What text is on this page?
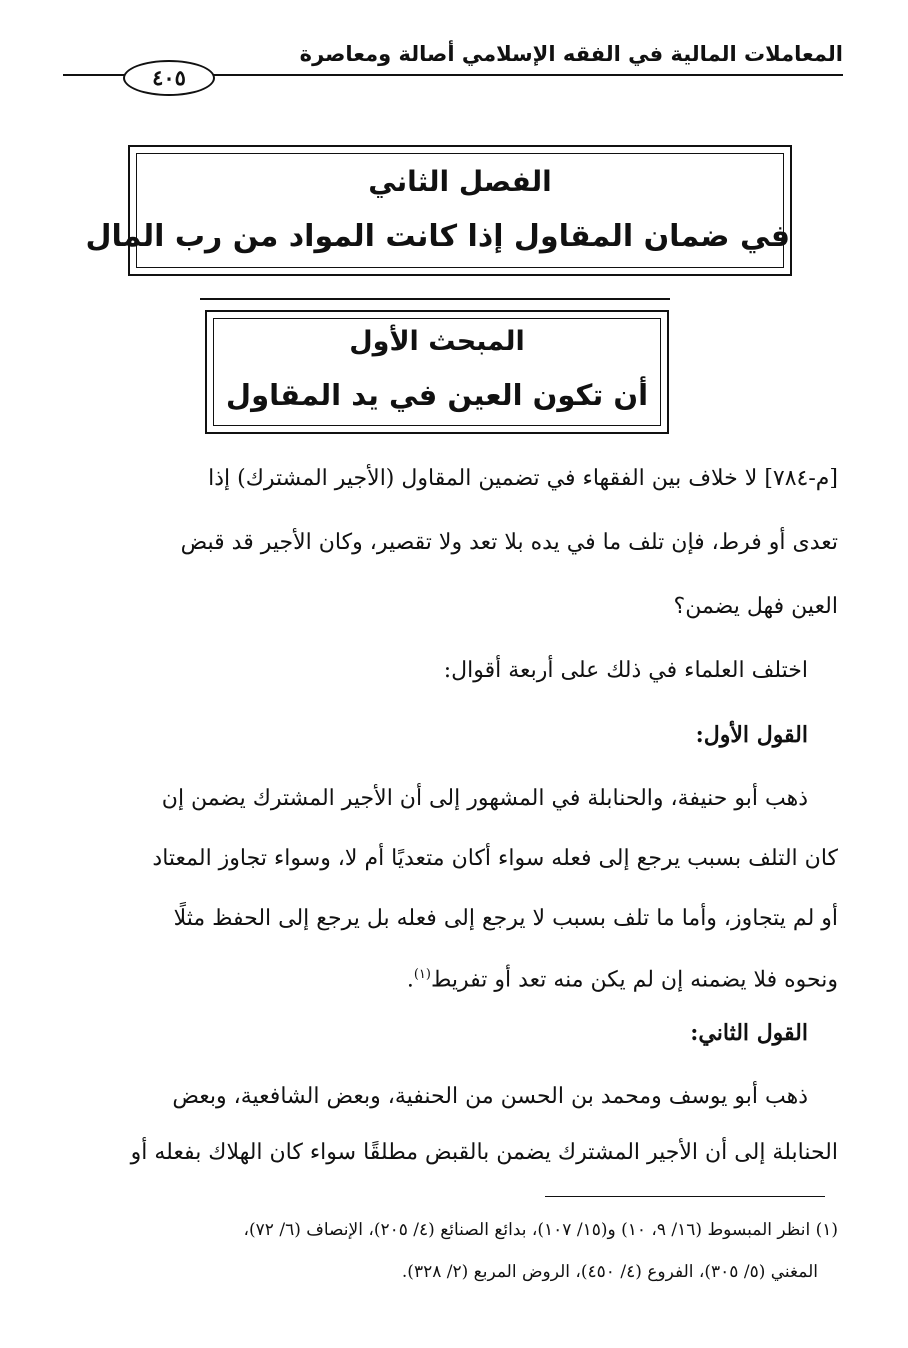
المعاملات المالية في الفقه الإسلامي أصالة ومعاصرة
٤٠٥
الفصل الثاني
في ضمان المقاول إذا كانت المواد من رب المال
المبحث الأول
أن تكون العين في يد المقاول
[م-٧٨٤] لا خلاف بين الفقهاء في تضمين المقاول (الأجير المشترك) إذا
تعدى أو فرط، فإن تلف ما في يده بلا تعد ولا تقصير، وكان الأجير قد قبض
العين فهل يضمن؟
اختلف العلماء في ذلك على أربعة أقوال:
القول الأول:
ذهب أبو حنيفة، والحنابلة في المشهور إلى أن الأجير المشترك يضمن إن
كان التلف بسبب يرجع إلى فعله سواء أكان متعديًا أم لا، وسواء تجاوز المعتاد
أو لم يتجاوز، وأما ما تلف بسبب لا يرجع إلى فعله بل يرجع إلى الحفظ مثلًا
ونحوه فلا يضمنه إن لم يكن منه تعد أو تفريط$^{(١)}$.
القول الثاني:
ذهب أبو يوسف ومحمد بن الحسن من الحنفية، وبعض الشافعية، وبعض
الحنابلة إلى أن الأجير المشترك يضمن بالقبض مطلقًا سواء كان الهلاك بفعله أو
(١) انظر المبسوط (١٦/ ٩، ١٠) و(١٥/ ١٠٧)، بدائع الصنائع (٤/ ٢٠٥)، الإنصاف (٦/ ٧٢)،
المغني (٥/ ٣٠٥)، الفروع (٤/ ٤٥٠)، الروض المربع (٢/ ٣٢٨).
